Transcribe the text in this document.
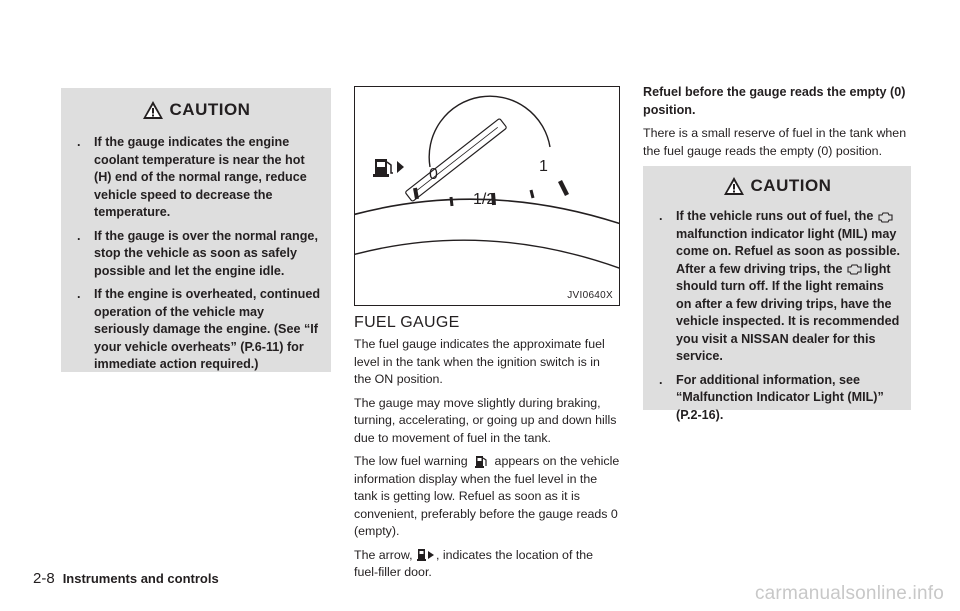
CAUTION
. If the gauge indicates the engine coolant temperature is near the hot (H) end of the normal range, reduce vehicle speed to decrease the temperature.
. If the gauge is over the normal range, stop the vehicle as soon as safely possible and let the engine idle.
. If the engine is overheated, continued operation of the vehicle may seriously damage the engine. (See “If your vehicle overheats” (P.6-11) for immediate action required.)
0
1/2
1
JVI0640X
FUEL GAUGE

The fuel gauge indicates the approximate fuel level in the tank when the ignition switch is in the ON position.

The gauge may move slightly during braking, turning, accelerating, or going up and down hills due to movement of fuel in the tank.

The low fuel warning appears on the vehicle information display when the fuel level in the tank is getting low. Refuel as soon as it is convenient, preferably before the gauge reads 0 (empty).

The arrow, , indicates the location of the fuel-filler door.

Refuel before the gauge reads the empty (0) position.

There is a small reserve of fuel in the tank when the fuel gauge reads the empty (0) position.

CAUTION
. If the vehicle runs out of fuel, the malfunction indicator light (MIL) may come on. Refuel as soon as possible. After a few driving trips, the light should turn off. If the light remains on after a few driving trips, have the vehicle inspected. It is recommended you visit a NISSAN dealer for this service.
. For additional information, see “Malfunction Indicator Light (MIL)” (P.2-16).
2-8 Instruments and controls
carmanualsonline.info
